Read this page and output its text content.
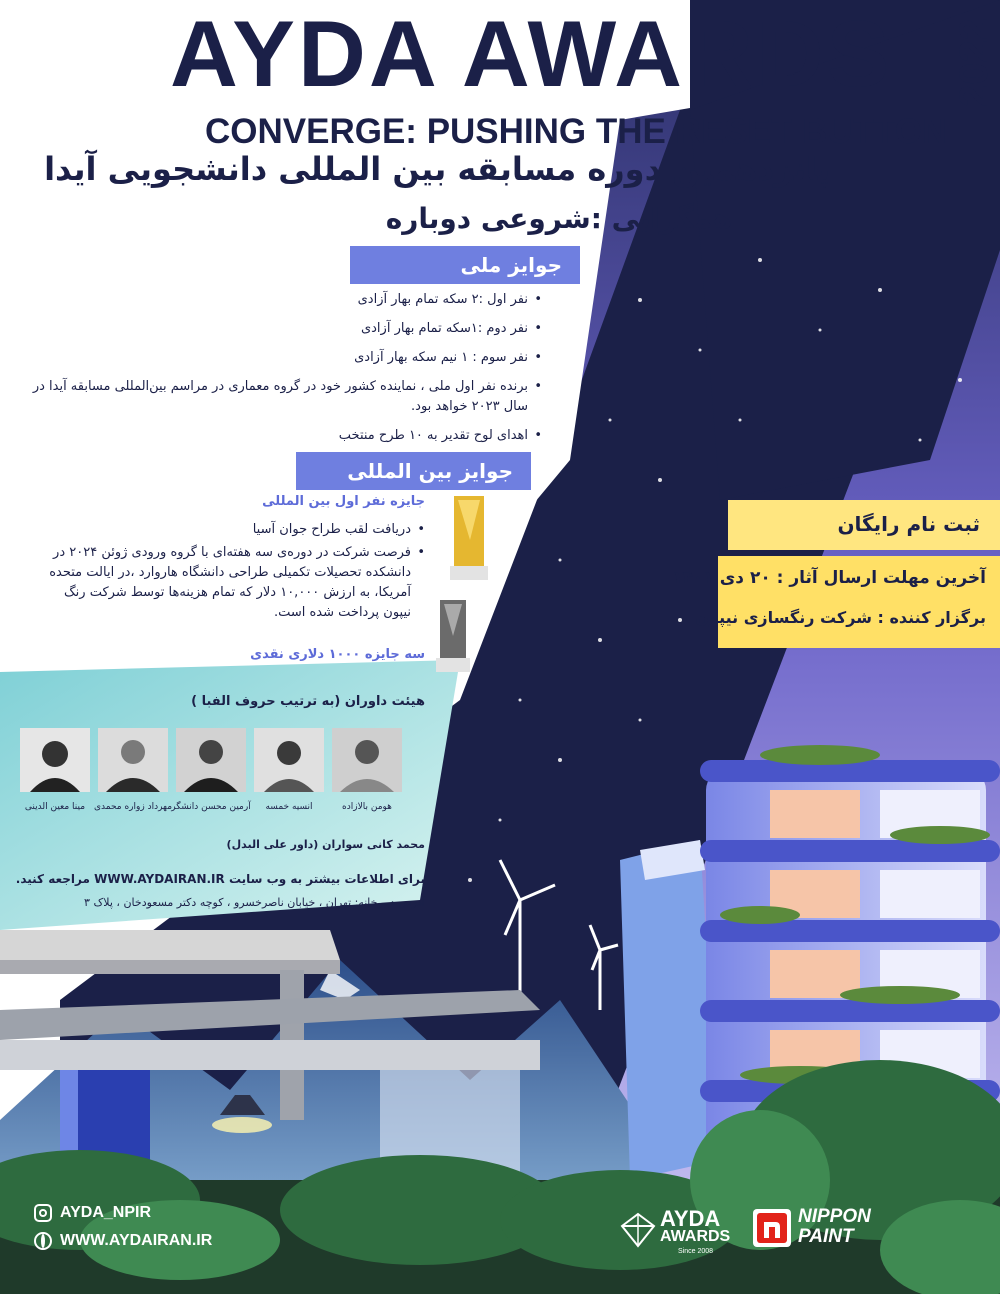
AYDA AWARDS 2022
CONVERGE: PUSHING THE RESET BUTTON
پانزدهمین دوره مسابقه بین المللی دانشجویی آیدا
همگرایی :شروعی دوباره
جوایز ملی
• نفر اول :۲ سکه تمام بهار آزادی
• نفر دوم :۱سکه تمام بهار آزادی
• نفر سوم : ۱ نیم سکه بهار آزادی
• برنده نفر اول ملی ، نماینده کشور خود در گروه معماری در مراسم بین‌المللی مسابقه آیدا در سال ۲۰۲۳ خواهد بود.
• اهدای لوح تقدیر به ۱۰ طرح منتخب
جوایز بین المللی
جایزه نفر اول بین المللی
• دریافت لقب طراح جوان آسیا
• فرصت شرکت در دوره‌ی سه هفته‌ای با گروه ورودی ژوئن ۲۰۲۴ در دانشکده تحصیلات تکمیلی طراحی دانشگاه هاروارد ،در ایالت متحده آمریکا، به ارزش ۱۰,۰۰۰ دلار که تمام هزینه‌ها توسط شرکت رنگ نیپون پرداخت شده است.
سه جایزه ۱۰۰۰ دلاری نقدی
ثبت نام رایگان
آخرین مهلت ارسال آثار : ۲۰ دی ۱۴۰۱
برگزار کننده : شرکت رنگسازی نیپون
هیئت داوران (به ترتیب حروف الفبا )
مینا معین الدینی مهرداد زواره محمدی آرمین محسن دانشگر	انسیه خمسه	هومن بالازاده
محمد کانی سواران (داور علی البدل)
برای اطلاعات بیشتر به وب سایت WWW.AYDAIRAN.IR مراجعه کنید.
آدرس دبیرخانه: تهران ، خیابان ناصرخسرو ، کوچه دکتر مسعودخان ، پلاک ۳
AYDA_NPIR
WWW.AYDAIRAN.IR
AYDA
AWARDS
Since 2008
NIPPON
PAINT
